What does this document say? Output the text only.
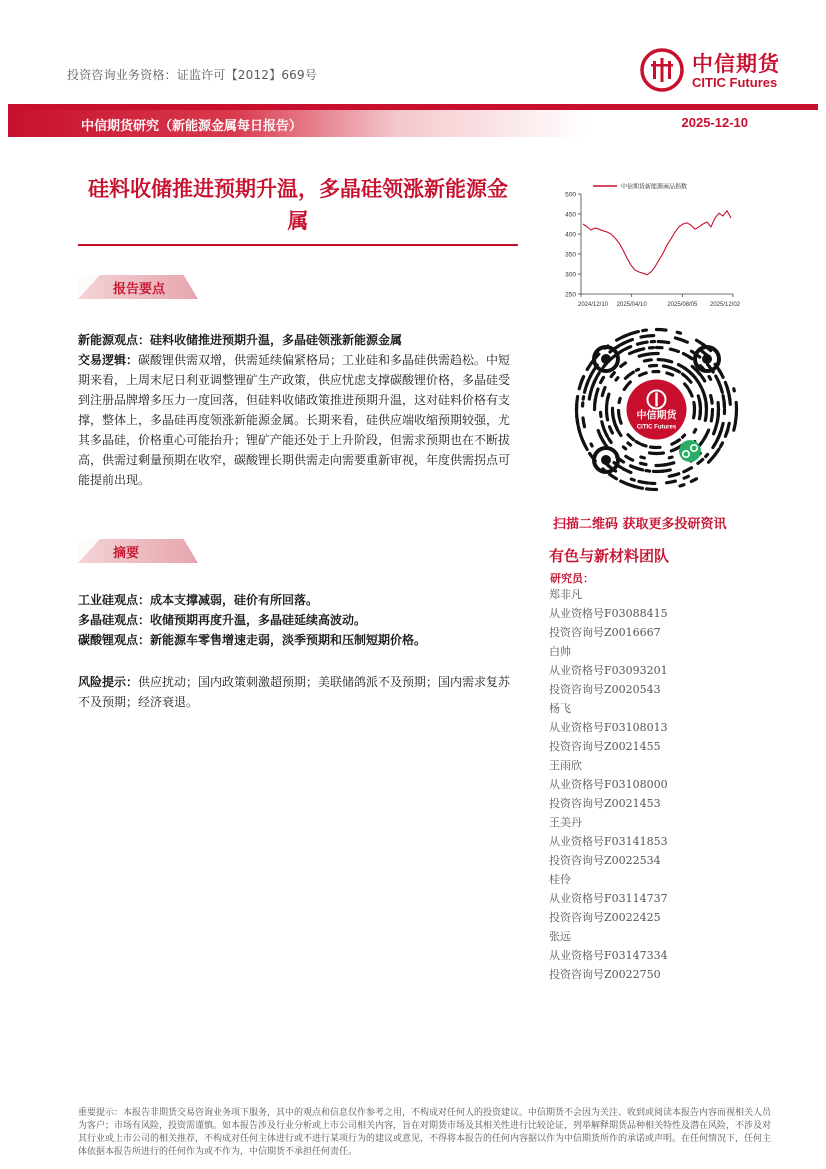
投资咨询业务资格：证监许可【2012】669号	中信期货
CITIC Futures
中信期货研究（新能源金属每日报告）	2025-12-10
硅料收储推进预期升温，多晶硅领涨新能源金属
报告要点
新能源观点：硅料收储推进预期升温，多晶硅领涨新能源金属
交易逻辑：碳酸锂供需双增，供需延续偏紧格局；工业硅和多晶硅供需趋松。中短期来看，上周末尼日利亚调整锂矿生产政策，供应忧虑支撑碳酸锂价格，多晶硅受到注册品牌增多压力一度回落，但硅料收储政策推进预期升温，这对硅料价格有支撑，整体上，多晶硅再度领涨新能源金属。长期来看，硅供应端收缩预期较强，尤其多晶硅，价格重心可能抬升；锂矿产能还处于上升阶段，但需求预期也在不断拔高，供需过剩量预期在收窄，碳酸锂长期供需走向需要重新审视，年度供需拐点可能提前出现。
摘要
工业硅观点：成本支撑减弱，硅价有所回落。
多晶硅观点：收储预期再度升温，多晶硅延续高波动。
碳酸锂观点：新能源车零售增速走弱，淡季预期和压制短期价格。
风险提示：供应扰动；国内政策刺激超预期；美联储鸽派不及预期；国内需求复苏不及预期；经济衰退。
250
300
350
400
450
500
2024/12/10 2025/04/10	2025/08/05 2025/12/02
中信期货新能源商品指数
中信期货
CITIC Futures
扫描二维码 获取更多投研资讯
有色与新材料团队
研究员：
郑非凡
从业资格号F03088415
投资咨询号Z0016667
白帅
从业资格号F03093201
投资咨询号Z0020543
杨飞
从业资格号F03108013
投资咨询号Z0021455
王雨欣
从业资格号F03108000
投资咨询号Z0021453
王美丹
从业资格号F03141853
投资咨询号Z0022534
桂伶
从业资格号F03114737
投资咨询号Z0022425
张远
从业资格号F03147334
投资咨询号Z0022750
重要提示：本报告非期货交易咨询业务项下服务，其中的观点和信息仅作参考之用，不构成对任何人的投资建议。中信期货不会因为关注、收到或阅读本报告内容而视相关人员为客户；市场有风险，投资需谨慎。如本报告涉及行业分析或上市公司相关内容，旨在对期货市场及其相关性进行比较论证，列举解释期货品种相关特性及潜在风险，不涉及对其行业或上市公司的相关推荐，不构成对任何主体进行或不进行某项行为的建议或意见，不得将本报告的任何内容据以作为中信期货所作的承诺或声明。在任何情况下，任何主体依据本报告所进行的任何作为或不作为，中信期货不承担任何责任。
